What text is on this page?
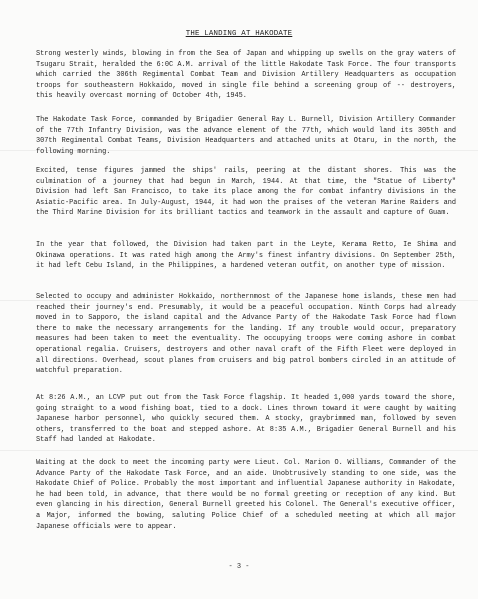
THE LANDING AT HAKODATE

Strong westerly winds, blowing in from the Sea of Japan and whipping up swells on the gray waters of Tsugaru Strait, heralded the 6:0C A.M. arrival of the little Hakodate Task Force. The four transports which carried the 306th Regimental Combat Team and Division Artillery Headquarters as occupation troops for southeastern Hokkaido, moved in single file behind a screening group of -- destroyers, this heavily overcast morning of October 4th, 1945.

The Hakodate Task Force, commanded by Brigadier General Ray L. Burnell, Division Artillery Commander of the 77th Infantry Division, was the advance element of the 77th, which would land its 305th and 307th Regimental Combat Teams, Division Headquarters and attached units at Otaru, in the north, the following morning.

Excited, tense figures jammed the ships' rails, peering at the distant shores. This was the culmination of a journey that had begun in March, 1944. At that time, the "Statue of Liberty" Division had left San Francisco, to take its place among the for combat infantry divisions in the Asiatic-Pacific area. In July-August, 1944, it had won the praises of the veteran Marine Raiders and the Third Marine Division for its brilliant tactics and teamwork in the assault and capture of Guam.

In the year that followed, the Division had taken part in the Leyte, Kerama Retto, Ie Shima and Okinawa operations. It was rated high among the Army's finest infantry divisions. On September 25th, it had left Cebu Island, in the Philippines, a hardened veteran outfit, on another type of mission.

Selected to occupy and administer Hokkaido, northernmost of the Japanese home islands, these men had reached their journey's end. Presumably, it would be a peaceful occupation. Ninth Corps had already moved in to Sapporo, the island capital and the Advance Party of the Hakodate Task Force had flown there to make the necessary arrangements for the landing. If any trouble would occur, preparatory measures had been taken to meet the eventuality. The occupying troops were coming ashore in combat operational regalia. Cruisers, destroyers and other naval craft of the Fifth Fleet were deployed in all directions. Overhead, scout planes from cruisers and big patrol bombers circled in an attitude of watchful preparation.

At 8:26 A.M., an LCVP put out from the Task Force flagship. It headed 1,000 yards toward the shore, going straight to a wood fishing boat, tied to a dock. Lines thrown toward it were caught by waiting Japanese harbor personnel, who quickly secured them. A stocky, graybrimmed man, followed by seven others, transferred to the boat and stepped ashore. At 8:35 A.M., Brigadier General Burnell and his Staff had landed at Hakodate.

Waiting at the dock to meet the incoming party were Lieut. Col. Marion O. Williams, Commander of the Advance Party of the Hakodate Task Force, and an aide. Unobtrusively standing to one side, was the Hakodate Chief of Police. Probably the most important and influential Japanese authority in Hakodate, he had been told, in advance, that there would be no formal greeting or reception of any kind. But even glancing in his direction, General Burnell greeted his Colonel. The General's executive officer, a Major, informed the bowing, saluting Police Chief of a scheduled meeting at which all major Japanese officials were to appear.

- 3 -
